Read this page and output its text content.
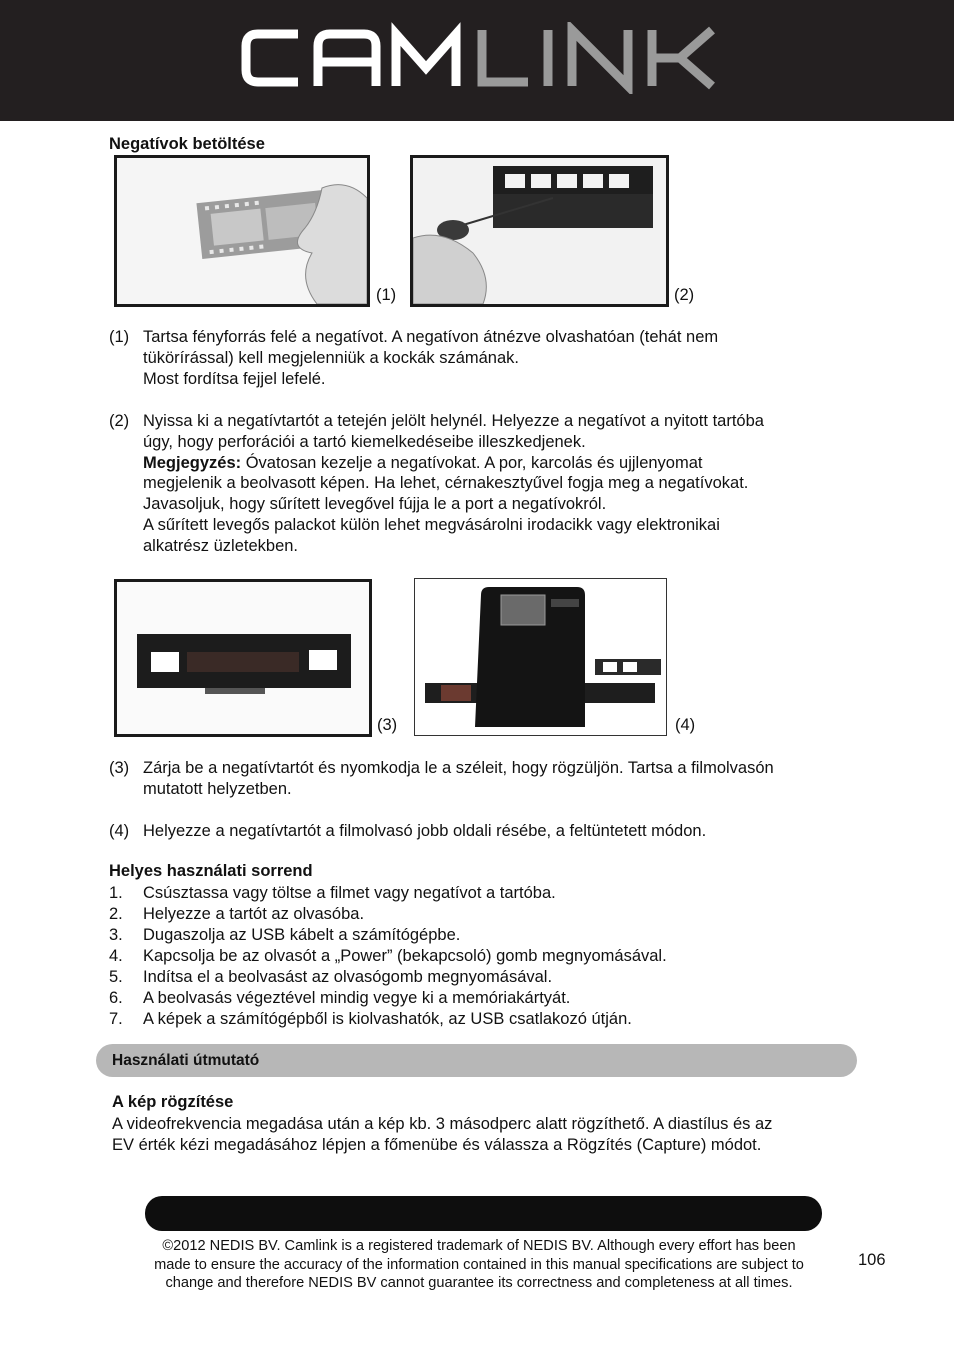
Negatívok betöltése
(1)	(2)
(1) Tartsa fényforrás felé a negatívot. A negatívon átnézve olvashatóan (tehát nem
tükörírással) kell megjelenniük a kockák számának.
Most fordítsa fejjel lefelé.
(2) Nyissa ki a negatívtartót a tetején jelölt helynél. Helyezze a negatívot a nyitott tartóba
úgy, hogy perforációi a tartó kiemelkedéseibe illeszkedjenek.
Megjegyzés: Óvatosan kezelje a negatívokat. A por, karcolás és ujjlenyomat
megjelenik a beolvasott képen. Ha lehet, cérnakesztyűvel fogja meg a negatívokat.
Javasoljuk, hogy sűrített levegővel fújja le a port a negatívokról.
A sűrített levegős palackot külön lehet megvásárolni irodacikk vagy elektronikai
alkatrész üzletekben.
(3)	(4)
(3) Zárja be a negatívtartót és nyomkodja le a széleit, hogy rögzüljön. Tartsa a filmolvasón
mutatott helyzetben.
(4) Helyezze a negatívtartót a filmolvasó jobb oldali résébe, a feltüntetett módon.
Helyes használati sorrend
1. Csúsztassa vagy töltse a filmet vagy negatívot a tartóba.
2. Helyezze a tartót az olvasóba.
3. Dugaszolja az USB kábelt a számítógépbe.
4. Kapcsolja be az olvasót a „Power” (bekapcsoló) gomb megnyomásával.
5. Indítsa el a beolvasást az olvasógomb megnyomásával.
6. A beolvasás végeztével mindig vegye ki a memóriakártyát.
7. A képek a számítógépből is kiolvashatók, az USB csatlakozó útján.
Használati útmutató
A kép rögzítése
A videofrekvencia megadása után a kép kb. 3 másodperc alatt rögzíthető. A diastílus és az
EV érték kézi megadásához lépjen a főmenübe és válassza a Rögzítés (Capture) módot.
©2012 NEDIS BV. Camlink is a registered trademark of NEDIS BV. Although every effort has been
made to ensure the accuracy of the information contained in this manual specifications are subject to
change and therefore NEDIS BV cannot guarantee its correctness and completeness at all times.
106
